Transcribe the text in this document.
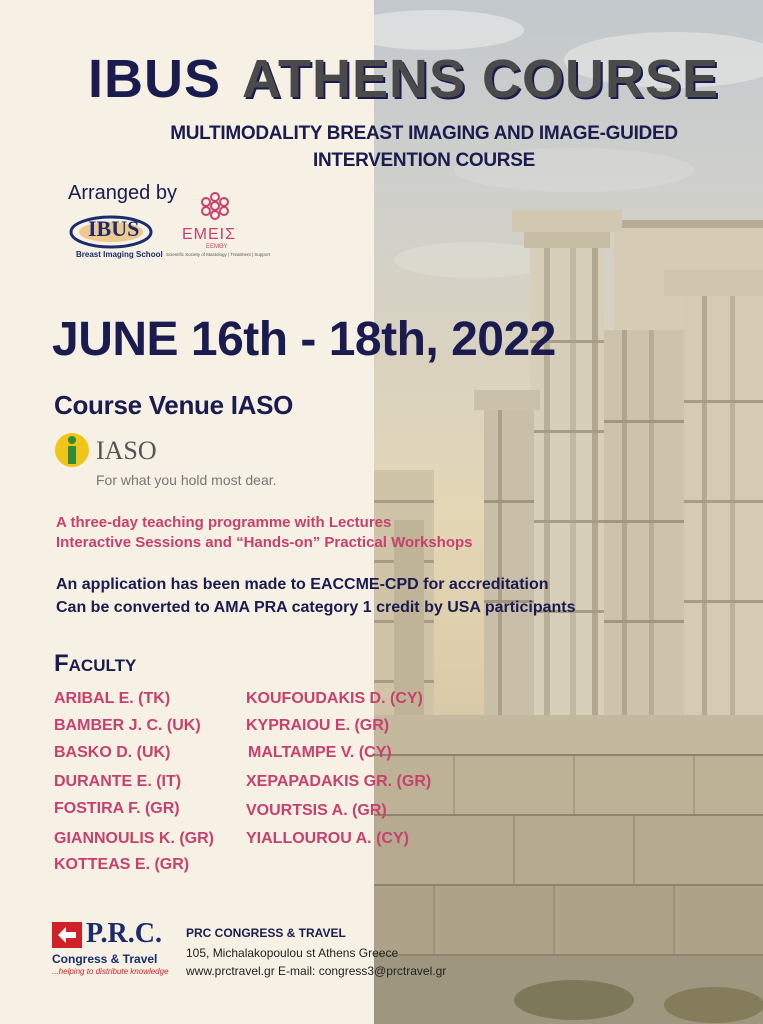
IBUS ATHENS COURSE
MULTIMODALITY BREAST IMAGING AND IMAGE-GUIDED INTERVENTION COURSE
Arranged by
IBUS
Breast Imaging School
ΕΜΕΙΣ
ΕΕΜΘΥ
Scientific Society of Mastology | Treatment | Support
JUNE 16th - 18th, 2022
Course Venue IASO
IASO
For what you hold most dear.
A three-day teaching programme with Lectures
Interactive Sessions and “Hands-on” Practical Workshops
An application has been made to EACCME-CPD for accreditation
Can be converted to AMA PRA category 1 credit by USA participants
Faculty
ARIBAL E. (TK)
BAMBER J. C. (UK)
BASKO D. (UK)
DURANTE E. (IT)
FOSTIRA F. (GR)
GIANNOULIS K. (GR)
KOTTEAS E. (GR)
KOUFOUDAKIS D. (CY)
KYPRAIOU E. (GR)
MALTAMPE V. (CY)
XEPAPADAKIS GR. (GR)
VOURTSIS A. (GR)
YIALLOUROU A. (CY)
P.R.C.
Congress & Travel
...helping to distribute knowledge
PRC CONGRESS & TRAVEL
105, Michalakopoulou st Athens Greece
www.prctravel.gr E-mail: congress3@prctravel.gr
